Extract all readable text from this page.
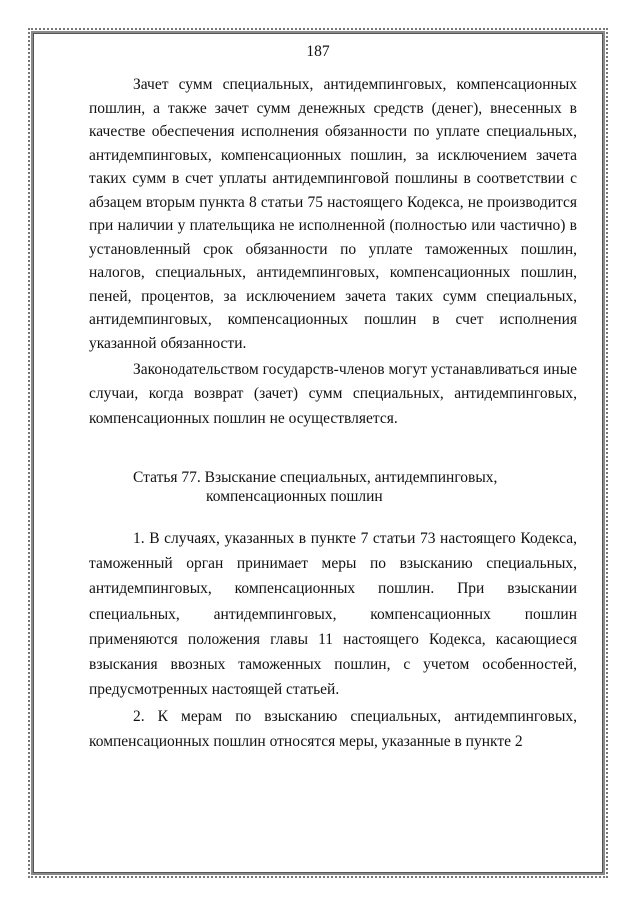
187

Зачет сумм специальных, антидемпинговых, компенсационных пошлин, а также зачет сумм денежных средств (денег), внесенных в качестве обеспечения исполнения обязанности по уплате специальных, антидемпинговых, компенсационных пошлин, за исключением зачета таких сумм в счет уплаты антидемпинговой пошлины в соответствии с абзацем вторым пункта 8 статьи 75 настоящего Кодекса, не производится при наличии у плательщика не исполненной (полностью или частично) в установленный срок обязанности по уплате таможенных пошлин, налогов, специальных, антидемпинговых, компенсационных пошлин, пеней, процентов, за исключением зачета таких сумм специальных, антидемпинговых, компенсационных пошлин в счет исполнения указанной обязанности.

Законодательством государств-членов могут устанавливаться иные случаи, когда возврат (зачет) сумм специальных, антидемпинговых, компенсационных пошлин не осуществляется.

Статья 77. Взыскание специальных, антидемпинговых,
компенсационных пошлин

1. В случаях, указанных в пункте 7 статьи 73 настоящего Кодекса, таможенный орган принимает меры по взысканию специальных, антидемпинговых, компенсационных пошлин. При взыскании специальных, антидемпинговых, компенсационных пошлин применяются положения главы 11 настоящего Кодекса, касающиеся взыскания ввозных таможенных пошлин, с учетом особенностей, предусмотренных настоящей статьей.

2. К мерам по взысканию специальных, антидемпинговых, компенсационных пошлин относятся меры, указанные в пункте 2
